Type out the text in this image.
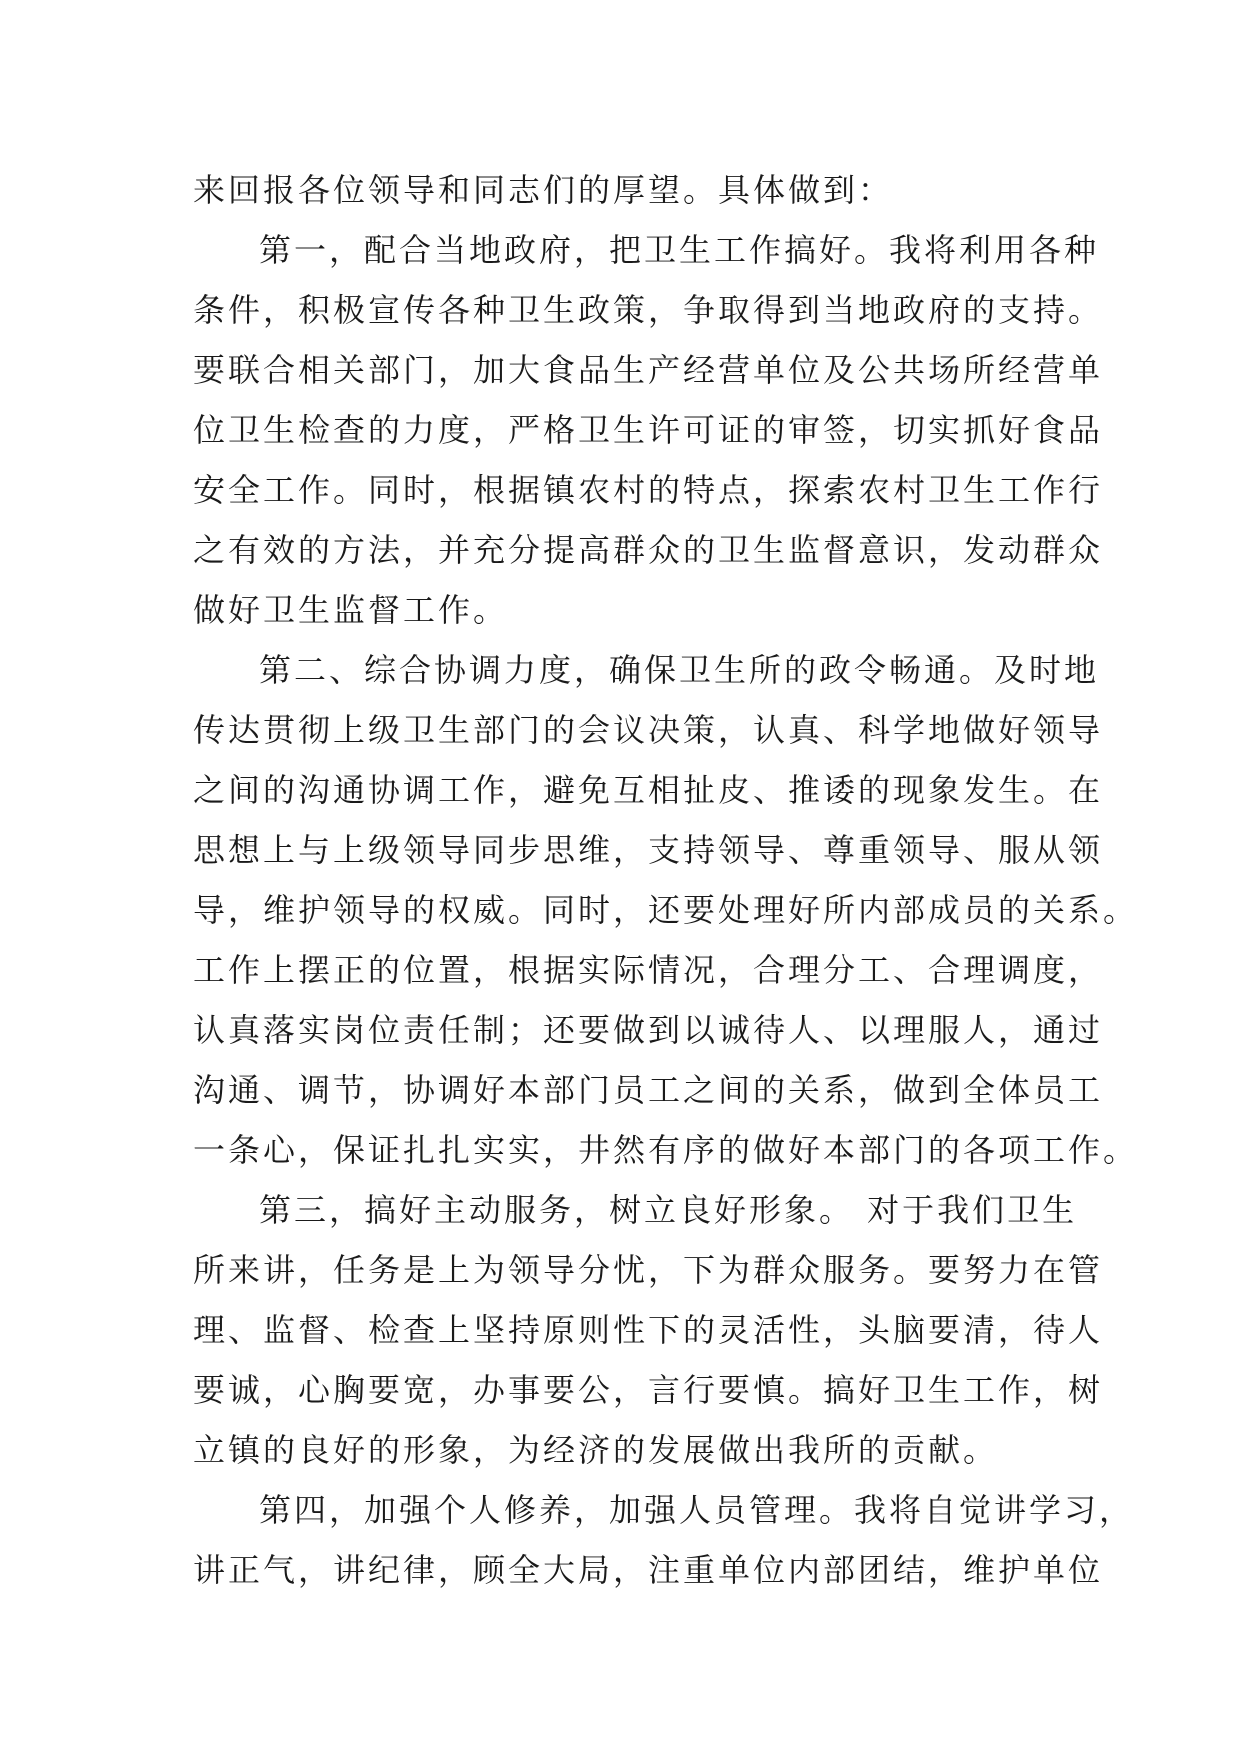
来回报各位领导和同志们的厚望。具体做到：
第一，配合当地政府，把卫生工作搞好。我将利用各种
条件，积极宣传各种卫生政策，争取得到当地政府的支持。
要联合相关部门，加大食品生产经营单位及公共场所经营单
位卫生检查的力度，严格卫生许可证的审签，切实抓好食品
安全工作。同时，根据镇农村的特点，探索农村卫生工作行
之有效的方法，并充分提高群众的卫生监督意识，发动群众
做好卫生监督工作。
第二、综合协调力度，确保卫生所的政令畅通。及时地
传达贯彻上级卫生部门的会议决策，认真、科学地做好领导
之间的沟通协调工作，避免互相扯皮、推诿的现象发生。在
思想上与上级领导同步思维，支持领导、尊重领导、服从领
导，维护领导的权威。同时，还要处理好所内部成员的关系。
工作上摆正的位置，根据实际情况，合理分工、合理调度，
认真落实岗位责任制；还要做到以诚待人、以理服人，通过
沟通、调节，协调好本部门员工之间的关系，做到全体员工
一条心，保证扎扎实实，井然有序的做好本部门的各项工作。
第三，搞好主动服务，树立良好形象。 对于我们卫生
所来讲，任务是上为领导分忧，下为群众服务。要努力在管
理、监督、检查上坚持原则性下的灵活性，头脑要清，待人
要诚，心胸要宽，办事要公，言行要慎。搞好卫生工作，树
立镇的良好的形象，为经济的发展做出我所的贡献。
第四，加强个人修养，加强人员管理。我将自觉讲学习，
讲正气，讲纪律，顾全大局，注重单位内部团结，维护单位
